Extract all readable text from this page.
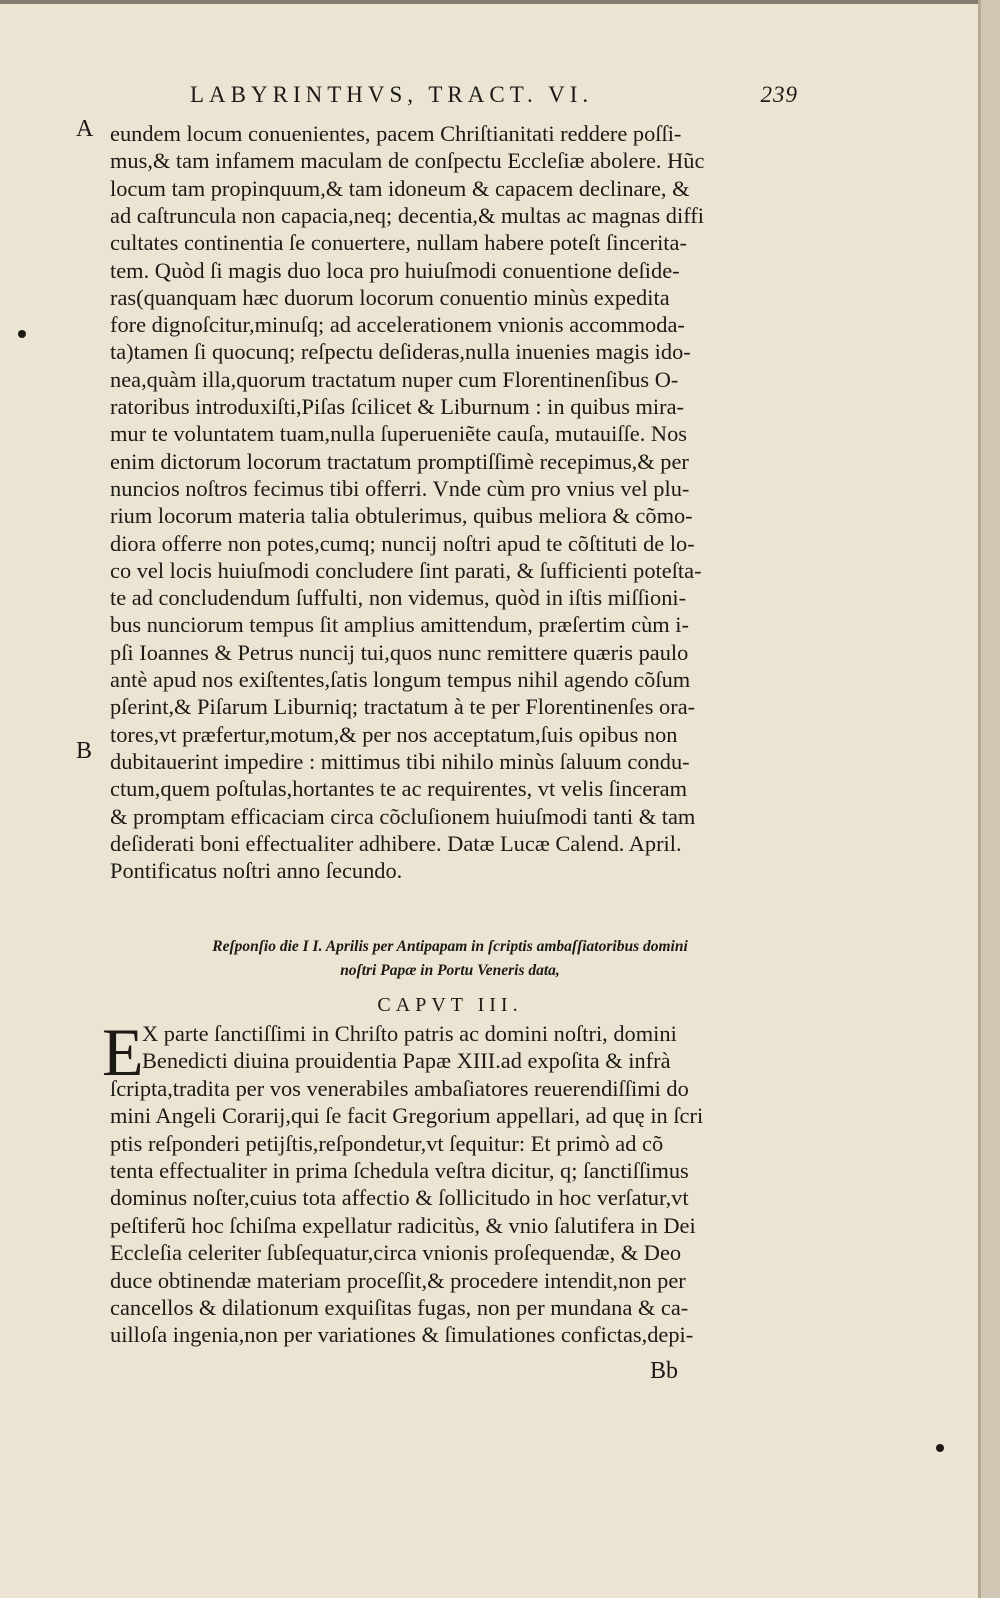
LABYRINTHVS, TRACT. VI.	239
A
B
eundem locum conuenientes, pacem Chriſtianitati reddere poſſi-
mus,& tam infamem maculam de conſpectu Eccleſiæ abolere. Hũc
locum tam propinquum,& tam idoneum & capacem declinare, &
ad caſtruncula non capacia,neq; decentia,& multas ac magnas diffi
cultates continentia ſe conuertere, nullam habere poteſt ſincerita-
tem. Quòd ſi magis duo loca pro huiuſmodi conuentione deſide-
ras(quanquam hæc duorum locorum conuentio minùs expedita
fore dignoſcitur,minuſq; ad accelerationem vnionis accommoda-
ta)tamen ſi quocunq; reſpectu deſideras,nulla inuenies magis ido-
nea,quàm illa,quorum tractatum nuper cum Florentinenſibus O-
ratoribus introduxiſti,Piſas ſcilicet & Liburnum : in quibus mira-
mur te voluntatem tuam,nulla ſuperueniẽte cauſa, mutauiſſe. Nos
enim dictorum locorum tractatum promptiſſimè recepimus,& per
nuncios noſtros fecimus tibi offerri. Vnde cùm pro vnius vel plu-
rium locorum materia talia obtulerimus, quibus meliora & cõmo-
diora offerre non potes,cumq; nuncij noſtri apud te cõſtituti de lo-
co vel locis huiuſmodi concludere ſint parati, & ſufficienti poteſta-
te ad concludendum ſuffulti, non videmus, quòd in iſtis miſſioni-
bus nunciorum tempus ſit amplius amittendum, præſertim cùm i-
pſi Ioannes & Petrus nuncij tui,quos nunc remittere quæris paulo
antè apud nos exiſtentes,ſatis longum tempus nihil agendo cõſum
pſerint,& Piſarum Liburniq; tractatum à te per Florentinenſes ora-
tores,vt præfertur,motum,& per nos acceptatum,ſuis opibus non
dubitauerint impedire : mittimus tibi nihilo minùs ſaluum condu-
ctum,quem poſtulas,hortantes te ac requirentes, vt velis ſinceram
& promptam efficaciam circa cõcluſionem huiuſmodi tanti & tam
deſiderati boni effectualiter adhibere. Datæ Lucæ Calend. April.
Pontificatus noſtri anno ſecundo.
Reſponſio die I I. Aprilis per Antipapam in ſcriptis ambaſſiatoribus domini
noſtri Papæ in Portu Veneris data,
CAPVT III.
E
X parte ſanctiſſimi in Chriſto patris ac domini noſtri, domini
Benedicti diuina prouidentia Papæ XIII.ad expoſita & infrà
ſcripta,tradita per vos venerabiles ambaſiatores reuerendiſſimi do
mini Angeli Corarij,qui ſe facit Gregorium appellari, ad quę in ſcri
ptis reſponderi petijſtis,reſpondetur,vt ſequitur: Et primò ad cõ
tenta effectualiter in prima ſchedula veſtra dicitur, q; ſanctiſſimus
dominus noſter,cuius tota affectio & ſollicitudo in hoc verſatur,vt
peſtiferũ hoc ſchiſma expellatur radicitùs, & vnio ſalutifera in Dei
Eccleſia celeriter ſubſequatur,circa vnionis proſequendæ, & Deo
duce obtinendæ materiam proceſſit,& procedere intendit,non per
cancellos & dilationum exquiſitas fugas, non per mundana & ca-
uilloſa ingenia,non per variationes & ſimulationes confictas,depi-
Bb
